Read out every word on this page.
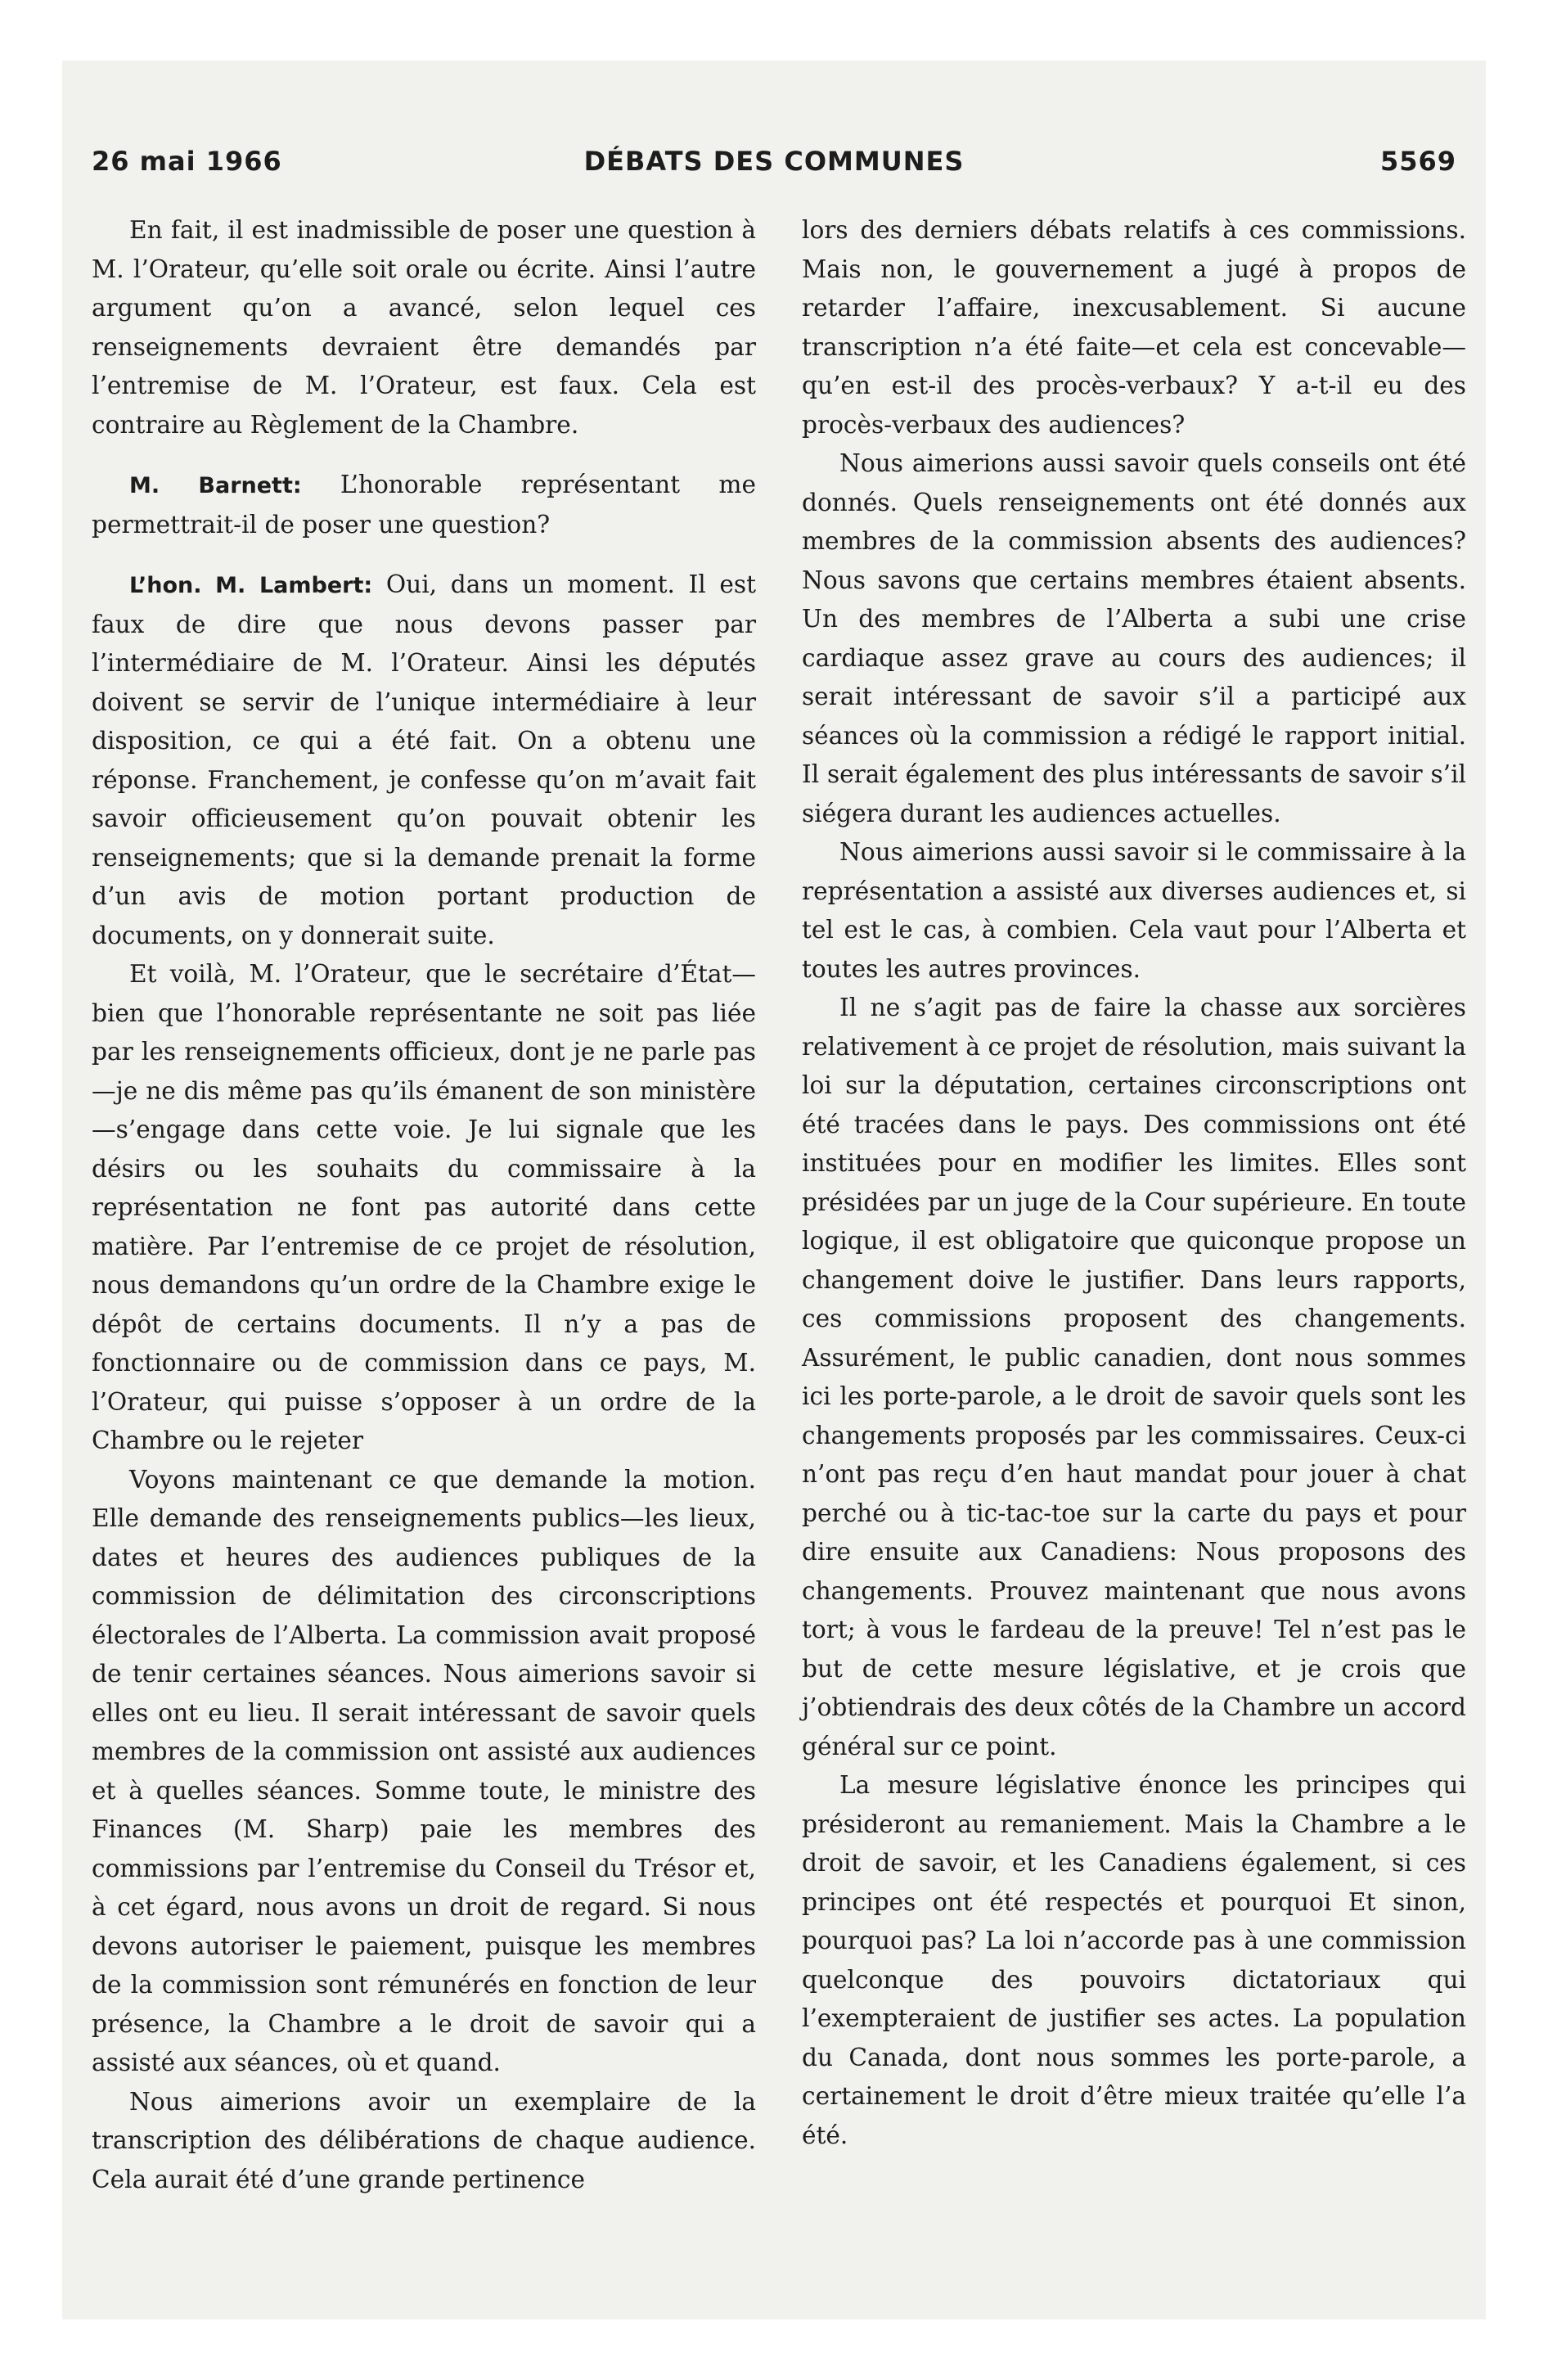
26 mai 1966	DÉBATS DES COMMUNES	5569

En fait, il est inadmissible de poser une question à M. l’Orateur, qu’elle soit orale ou écrite. Ainsi l’autre argument qu’on a avancé, selon lequel ces renseignements devraient être demandés par l’entremise de M. l’Orateur, est faux. Cela est contraire au Règlement de la Chambre.

M. Barnett: L’honorable représentant me permettrait-il de poser une question?

L’hon. M. Lambert: Oui, dans un moment. Il est faux de dire que nous devons passer par l’intermédiaire de M. l’Orateur. Ainsi les députés doivent se servir de l’unique intermédiaire à leur disposition, ce qui a été fait. On a obtenu une réponse. Franchement, je confesse qu’on m’avait fait savoir officieusement qu’on pouvait obtenir les renseignements; que si la demande prenait la forme d’un avis de motion portant production de documents, on y donnerait suite.

Et voilà, M. l’Orateur, que le secrétaire d’État—bien que l’honorable représentante ne soit pas liée par les renseignements officieux, dont je ne parle pas—je ne dis même pas qu’ils émanent de son ministère—s’engage dans cette voie. Je lui signale que les désirs ou les souhaits du commissaire à la représentation ne font pas autorité dans cette matière. Par l’entremise de ce projet de résolution, nous demandons qu’un ordre de la Chambre exige le dépôt de certains documents. Il n’y a pas de fonctionnaire ou de commission dans ce pays, M. l’Orateur, qui puisse s’opposer à un ordre de la Chambre ou le rejeter

Voyons maintenant ce que demande la motion. Elle demande des renseignements publics—les lieux, dates et heures des audiences publiques de la commission de délimitation des circonscriptions électorales de l’Alberta. La commission avait proposé de tenir certaines séances. Nous aimerions savoir si elles ont eu lieu. Il serait intéressant de savoir quels membres de la commission ont assisté aux audiences et à quelles séances. Somme toute, le ministre des Finances (M. Sharp) paie les membres des commissions par l’entremise du Conseil du Trésor et, à cet égard, nous avons un droit de regard. Si nous devons autoriser le paiement, puisque les membres de la commission sont rémunérés en fonction de leur présence, la Chambre a le droit de savoir qui a assisté aux séances, où et quand.

Nous aimerions avoir un exemplaire de la transcription des délibérations de chaque audience. Cela aurait été d’une grande pertinence

lors des derniers débats relatifs à ces commissions. Mais non, le gouvernement a jugé à propos de retarder l’affaire, inexcusablement. Si aucune transcription n’a été faite—et cela est concevable—qu’en est-il des procès-verbaux? Y a-t-il eu des procès-verbaux des audiences?

Nous aimerions aussi savoir quels conseils ont été donnés. Quels renseignements ont été donnés aux membres de la commission absents des audiences? Nous savons que certains membres étaient absents. Un des membres de l’Alberta a subi une crise cardiaque assez grave au cours des audiences; il serait intéressant de savoir s’il a participé aux séances où la commission a rédigé le rapport initial. Il serait également des plus intéressants de savoir s’il siégera durant les audiences actuelles.

Nous aimerions aussi savoir si le commissaire à la représentation a assisté aux diverses audiences et, si tel est le cas, à combien. Cela vaut pour l’Alberta et toutes les autres provinces.

Il ne s’agit pas de faire la chasse aux sorcières relativement à ce projet de résolution, mais suivant la loi sur la députation, certaines circonscriptions ont été tracées dans le pays. Des commissions ont été instituées pour en modifier les limites. Elles sont présidées par un juge de la Cour supérieure. En toute logique, il est obligatoire que quiconque propose un changement doive le justifier. Dans leurs rapports, ces commissions proposent des changements. Assurément, le public canadien, dont nous sommes ici les porte-parole, a le droit de savoir quels sont les changements proposés par les commissaires. Ceux-ci n’ont pas reçu d’en haut mandat pour jouer à chat perché ou à tic-tac-toe sur la carte du pays et pour dire ensuite aux Canadiens: Nous proposons des changements. Prouvez maintenant que nous avons tort; à vous le fardeau de la preuve! Tel n’est pas le but de cette mesure législative, et je crois que j’obtiendrais des deux côtés de la Chambre un accord général sur ce point.

La mesure législative énonce les principes qui présideront au remaniement. Mais la Chambre a le droit de savoir, et les Canadiens également, si ces principes ont été respectés et pourquoi Et sinon, pourquoi pas? La loi n’accorde pas à une commission quelconque des pouvoirs dictatoriaux qui l’exempteraient de justifier ses actes. La population du Canada, dont nous sommes les porte-parole, a certainement le droit d’être mieux traitée qu’elle l’a été.
